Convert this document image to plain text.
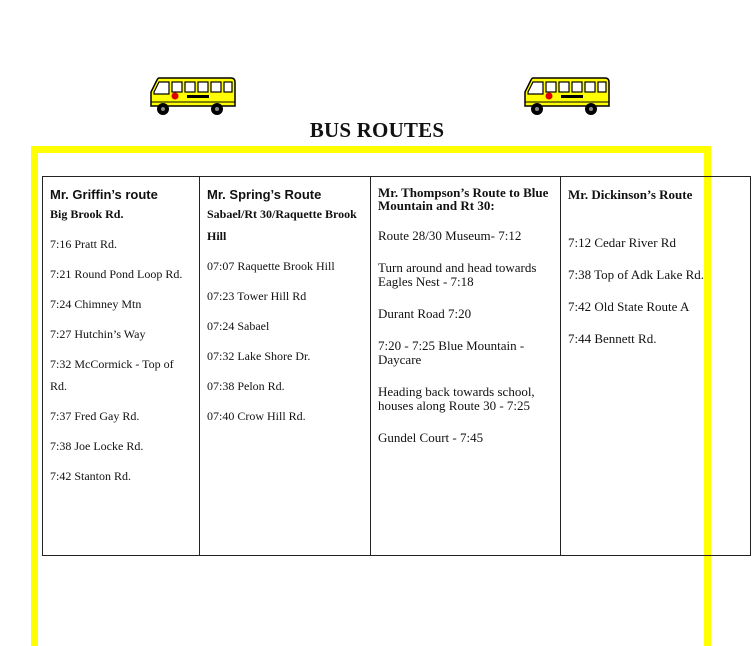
BUS ROUTES
Mr. Griffin’s route
Big Brook Rd.
7:16 Pratt Rd.
7:21 Round Pond Loop Rd.
7:24 Chimney Mtn
7:27 Hutchin’s Way
7:32 McCormick - Top of Rd.
7:37 Fred Gay Rd.
7:38 Joe Locke Rd.
7:42 Stanton Rd.

Mr. Spring’s Route
Sabael/Rt 30/Raquette Brook Hill
07:07 Raquette Brook Hill
07:23 Tower Hill Rd
07:24 Sabael
07:32 Lake Shore Dr.
07:38 Pelon Rd.
07:40 Crow Hill Rd.

Mr. Thompson’s Route to Blue Mountain and Rt 30:
Route 28/30 Museum- 7:12
Turn around and head towards Eagles Nest - 7:18
Durant Road 7:20
7:20 - 7:25 Blue Mountain - Daycare
Heading back towards school, houses along Route 30 - 7:25
Gundel Court - 7:45

Mr. Dickinson’s Route
7:12 Cedar River Rd
7:38 Top of Adk Lake Rd.
7:42 Old State Route A
7:44 Bennett Rd.
